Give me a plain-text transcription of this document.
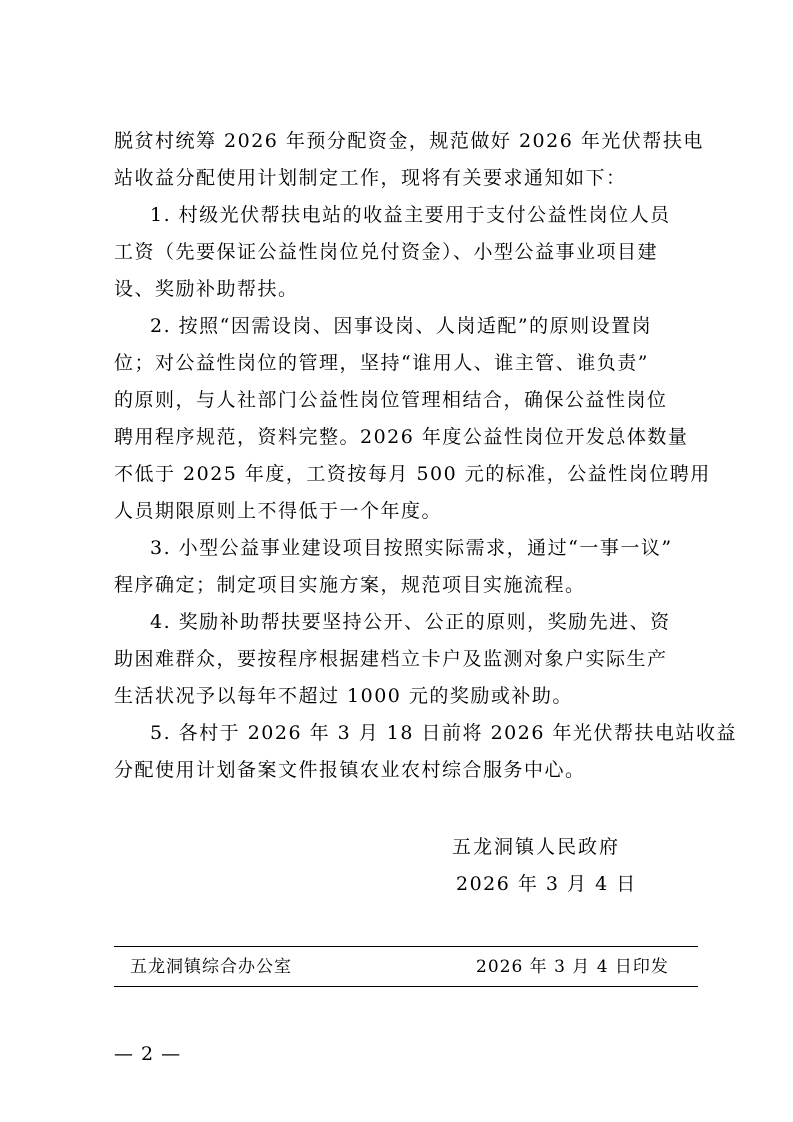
脱贫村统筹 2026 年预分配资金，规范做好 2026 年光伏帮扶电
站收益分配使用计划制定工作，现将有关要求通知如下：
1. 村级光伏帮扶电站的收益主要用于支付公益性岗位人员
工资（先要保证公益性岗位兑付资金）、小型公益事业项目建
设、奖励补助帮扶。
2. 按照“因需设岗、因事设岗、人岗适配”的原则设置岗
位；对公益性岗位的管理，坚持“谁用人、谁主管、谁负责”
的原则，与人社部门公益性岗位管理相结合，确保公益性岗位
聘用程序规范，资料完整。2026 年度公益性岗位开发总体数量
不低于 2025 年度，工资按每月 500 元的标准，公益性岗位聘用
人员期限原则上不得低于一个年度。
3. 小型公益事业建设项目按照实际需求，通过“一事一议”
程序确定；制定项目实施方案，规范项目实施流程。
4. 奖励补助帮扶要坚持公开、公正的原则，奖励先进、资
助困难群众，要按程序根据建档立卡户及监测对象户实际生产
生活状况予以每年不超过 1000 元的奖励或补助。
5. 各村于 2026 年 3 月 18 日前将 2026 年光伏帮扶电站收益
分配使用计划备案文件报镇农业农村综合服务中心。
五龙洞镇人民政府
2026 年 3 月 4 日
五龙洞镇综合办公室	2026 年 3 月 4 日印发
— 2 —
